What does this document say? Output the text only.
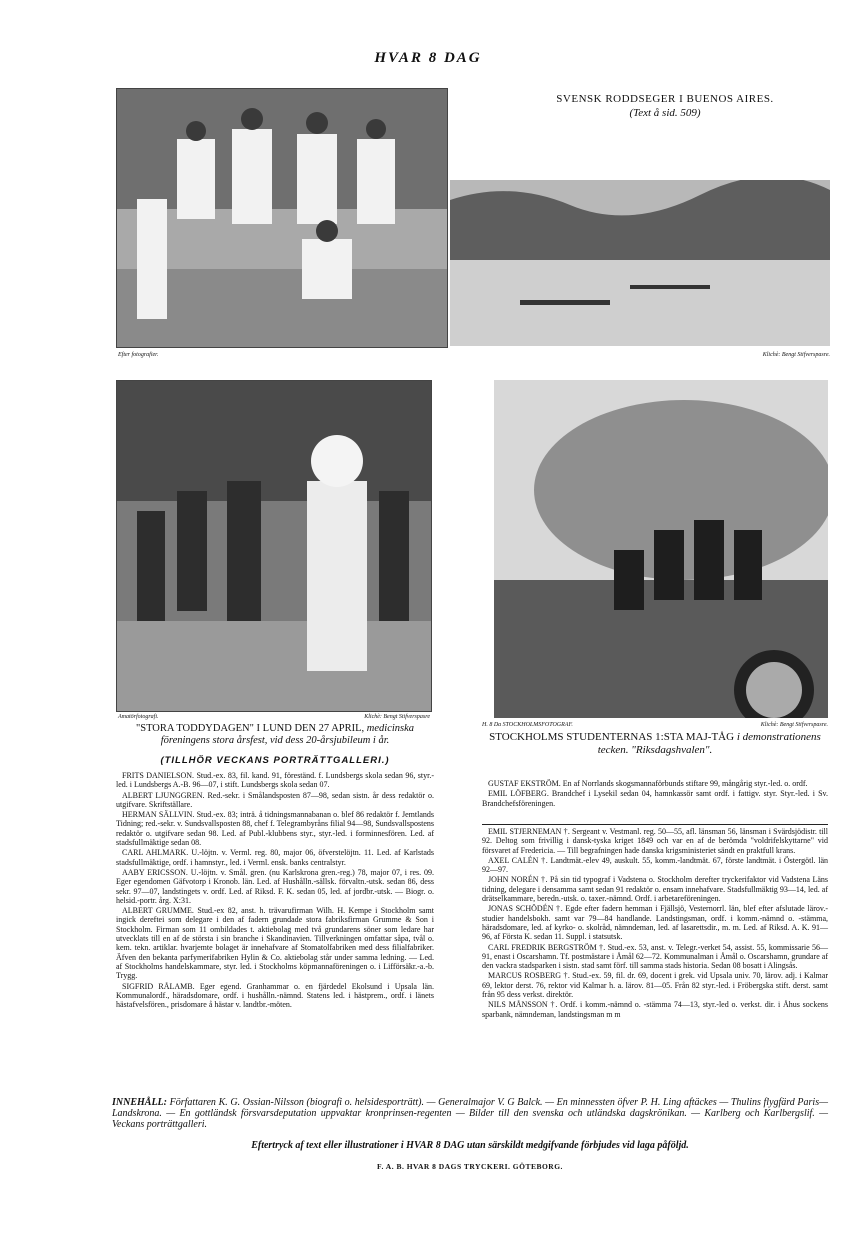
HVAR 8 DAG
SVENSK RODDSEGER I BUENOS AIRES.
(Text å sid. 509)
Efter fotografier.	Klichè: Bengt Stifverspasre.
Amatörfotografi.	Klichè: Bengt Stifverspasre
"STORA TODDYDAGEN" I LUND DEN 27 APRIL, medicinska föreningens stora årsfest, vid dess 20-årsjubileum i år.
H. 8 Da STOCKHOLMSFOTOGRAF.	Klichè: Bengt Stifverspasre.
STOCKHOLMS STUDENTERNAS 1:STA MAJ-TÅG i demonstrationens tecken. "Riksdagshvalen".
(TILLHÖR VECKANS PORTRÄTTGALLERI.)

FRITS DANIELSON. Stud.-ex. 83, fil. kand. 91, föreständ. f. Lundsbergs skola sedan 96, styr.-led. i Lundsbergs A.-B. 96—07, i stift. Lundsbergs skola sedan 07.

ALBERT LJUNGGREN. Red.-sekr. i Smålandsposten 87—98, sedan sistn. år dess redaktör o. utgifvare. Skriftställare.

HERMAN SÄLLVIN. Stud.-ex. 83; inträ. å tidningsmannabanan o. blef 86 redaktör f. Jemtlands Tidning; red.-sekr. v. Sundsvallsposten 88, chef f. Telegrambyråns filial 94—98, Sundsvallspostens redaktör o. utgifvare sedan 98. Led. af Publ.-klubbens styr., styr.-led. i forminnesfören. Led. af stadsfullmäktige sedan 08.

CARL AHLMARK. U.-löjtn. v. Verml. reg. 80, major 06, öfverstelöjtn. 11. Led. af Karlstads stadsfullmäktige, ordf. i hamnstyr., led. i Verml. ensk. banks centralstyr.

AABY ERICSSON. U.-löjtn. v. Smål. gren. (nu Karlskrona gren.-reg.) 78, major 07, i res. 09. Eger egendomen Gäfvotorp i Kronob. län. Led. af Hushålln.-sällsk. förvaltn.-utsk. sedan 86, dess sekr. 97—07, landstingets v. ordf. Led. af Riksd. F. K. sedan 05, led. af jordbr.-utsk. — Biogr. o. helsid.-portr. årg. X:31.

ALBERT GRUMME. Stud.-ex 82, anst. h. trävarufirman Wilh. H. Kempe i Stockholm samt ingick dereftei som delegare i den af fadern grundade stora fabriksfirman Grumme & Son i Stockholm. Firman som 11 ombildades t. aktiebolag med två grundarens söner som ledare har utvecklats till en af de största i sin branche i Skandinavien. Tillverkningen omfattar såpa, tvål o. kem. tekn. artiklar. hvarjemte bolaget är innehafvare af Stomatolfabriken med dess filialfabriker. Äfven den bekanta parfymerifabriken Hylin & Co. aktiebolag står under samma ledning. — Led. af Stockholms handelskammare, styr. led. i Stockholms köpmannaföreningen o. i Lifförsäkr.-a.-b. Trygg.

SIGFRID RÅLAMB. Eger egend. Granhammar o. en fjärdedel Ekolsund i Upsala län. Kommunalordf., häradsdomare, ordf. i hushålln.-nämnd. Statens led. i hästprem., ordf. i länets hästafvelsfören., prisdomare å hästar v. landtbr.-möten.

GUSTAF EKSTRÖM. En af Norrlands skogsmannaförbunds stiftare 99, mångårig styr.-led. o. ordf.

EMIL LÖFBERG. Brandchef i Lysekil sedan 04, hamnkassör samt ordf. i fattigv. styr. Styr.-led. i Sv. Brandchefsföreningen.

EMIL STJERNEMAN †. Sergeant v. Vestmanl. reg. 50—55, afl. länsman 56, länsman i Svärdsjödistr. till 92. Deltog som frivillig i dansk-tyska kriget 1849 och var en af de berömda "voldrifelskyttarne" vid försvaret af Fredericia. — Till begrafningen hade danska krigsministeriet sändt en praktfull krans.

AXEL CALÉN †. Landtmät.-elev 49, auskult. 55, komm.-landtmät. 67, förste landtmät. i Östergötl. län 92—97.

JOHN NORÉN †. På sin tid typograf i Vadstena o. Stockholm derefter tryckerifaktor vid Vadstena Läns tidning, delegare i densamma samt sedan 91 redaktör o. ensam innehafvare. Stadsfullmäktig 93—14, led. af drätselkammare, beredn.-utsk. o. taxer.-nämnd. Ordf. i arbetareföreningen.

JONAS SCHÖDÉN †. Egde efter fadern hemman i Fjällsjö, Vesternorrl. län, blef efter afslutade lärov.-studier handelsbokh. samt var 79—84 handlande. Landstingsman, ordf. i komm.-nämnd o. -stämma, häradsdomare, led. af kyrko- o. skolråd, nämndeman, led. af lasarettsdir., m. m. Led. af Riksd. A. K. 91—96, af Första K. sedan 11. Suppl. i statsutsk.

CARL FREDRIK BERGSTRÖM †. Stud.-ex. 53, anst. v. Telegr.-verket 54, assist. 55, kommissarie 56—91, enast i Oscarshamn. Tf. postmästare i Åmål 62—72. Kommunalman i Åmål o. Oscarshamn, grundare af den vackra stadsparken i sistn. stad samt förf. till samma stads historia. Sedan 08 bosatt i Alingsås.

MARCUS ROSBERG †. Stud.-ex. 59, fil. dr. 69, docent i grek. vid Upsala univ. 70, lärov. adj. i Kalmar 69, lektor derst. 76, rektor vid Kalmar h. a. lärov. 81—05. Från 82 styr.-led. i Fröbergska stift. derst. samt från 95 dess verkst. direktör.

NILS MÅNSSON †. Ordf. i komm.-nämnd o. -stämma 74—13, styr.-led o. verkst. dir. i Åhus sockens sparbank, nämndeman, landstingsman m m

INNEHÅLL: Författaren K. G. Ossian-Nilsson (biografi o. helsidesporträtt). — Generalmajor V. G Balck. — En minnessten öfver P. H. Ling aftäckes — Thulins flygfärd Paris—Landskrona. — En gottländsk försvarsdeputation uppvaktar kronprinsen-regenten — Bilder till den svenska och utländska dagskrönikan. — Karlberg och Karlbergslif. — Veckans porträttgalleri.
Eftertryck af text eller illustrationer i HVAR 8 DAG utan särskildt medgifvande förbjudes vid laga påföljd.
F. A. B. HVAR 8 DAGS TRYCKERI. GÖTEBORG.
